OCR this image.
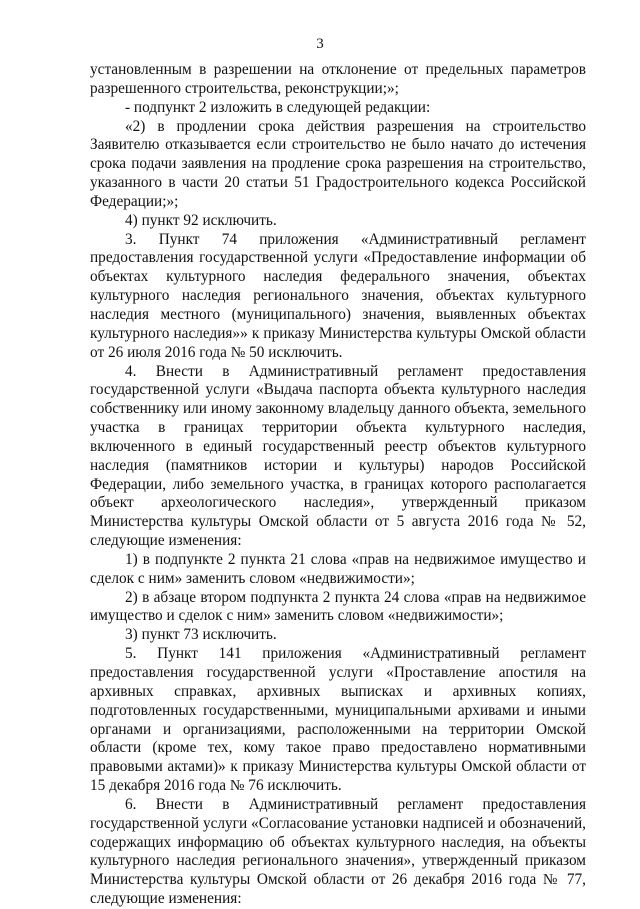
3

установленным в разрешении на отклонение от предельных параметров разрешенного строительства, реконструкции;»;

- подпункт 2 изложить в следующей редакции:

«2) в продлении срока действия разрешения на строительство Заявителю отказывается если строительство не было начато до истечения срока подачи заявления на продление срока разрешения на строительство, указанного в части 20 статьи 51 Градостроительного кодекса Российской Федерации;»;

4) пункт 92 исключить.

3. Пункт 74 приложения «Административный регламент предоставления государственной услуги «Предоставление информации об объектах культурного наследия федерального значения, объектах культурного наследия регионального значения, объектах культурного наследия местного (муниципального) значения, выявленных объектах культурного наследия»» к приказу Министерства культуры Омской области от 26 июля 2016 года № 50 исключить.

4. Внести в Административный регламент предоставления государственной услуги «Выдача паспорта объекта культурного наследия собственнику или иному законному владельцу данного объекта, земельного участка в границах территории объекта культурного наследия, включенного в единый государственный реестр объектов культурного наследия (памятников истории и культуры) народов Российской Федерации, либо земельного участка, в границах которого располагается объект археологического наследия», утвержденный приказом Министерства культуры Омской области от 5 августа 2016 года № 52, следующие изменения:

1) в подпункте 2 пункта 21 слова «прав на недвижимое имущество и сделок с ним» заменить словом «недвижимости»;

2) в абзаце втором подпункта 2 пункта 24 слова «прав на недвижимое имущество и сделок с ним» заменить словом «недвижимости»;

3) пункт 73 исключить.

5. Пункт 141 приложения «Административный регламент предоставления государственной услуги «Проставление апостиля на архивных справках, архивных выписках и архивных копиях, подготовленных государственными, муниципальными архивами и иными органами и организациями, расположенными на территории Омской области (кроме тех, кому такое право предоставлено нормативными правовыми актами)» к приказу Министерства культуры Омской области от 15 декабря 2016 года № 76 исключить.

6. Внести в Административный регламент предоставления государственной услуги «Согласование установки надписей и обозначений, содержащих информацию об объектах культурного наследия, на объекты культурного наследия регионального значения», утвержденный приказом Министерства культуры Омской области от 26 декабря 2016 года № 77, следующие изменения:
